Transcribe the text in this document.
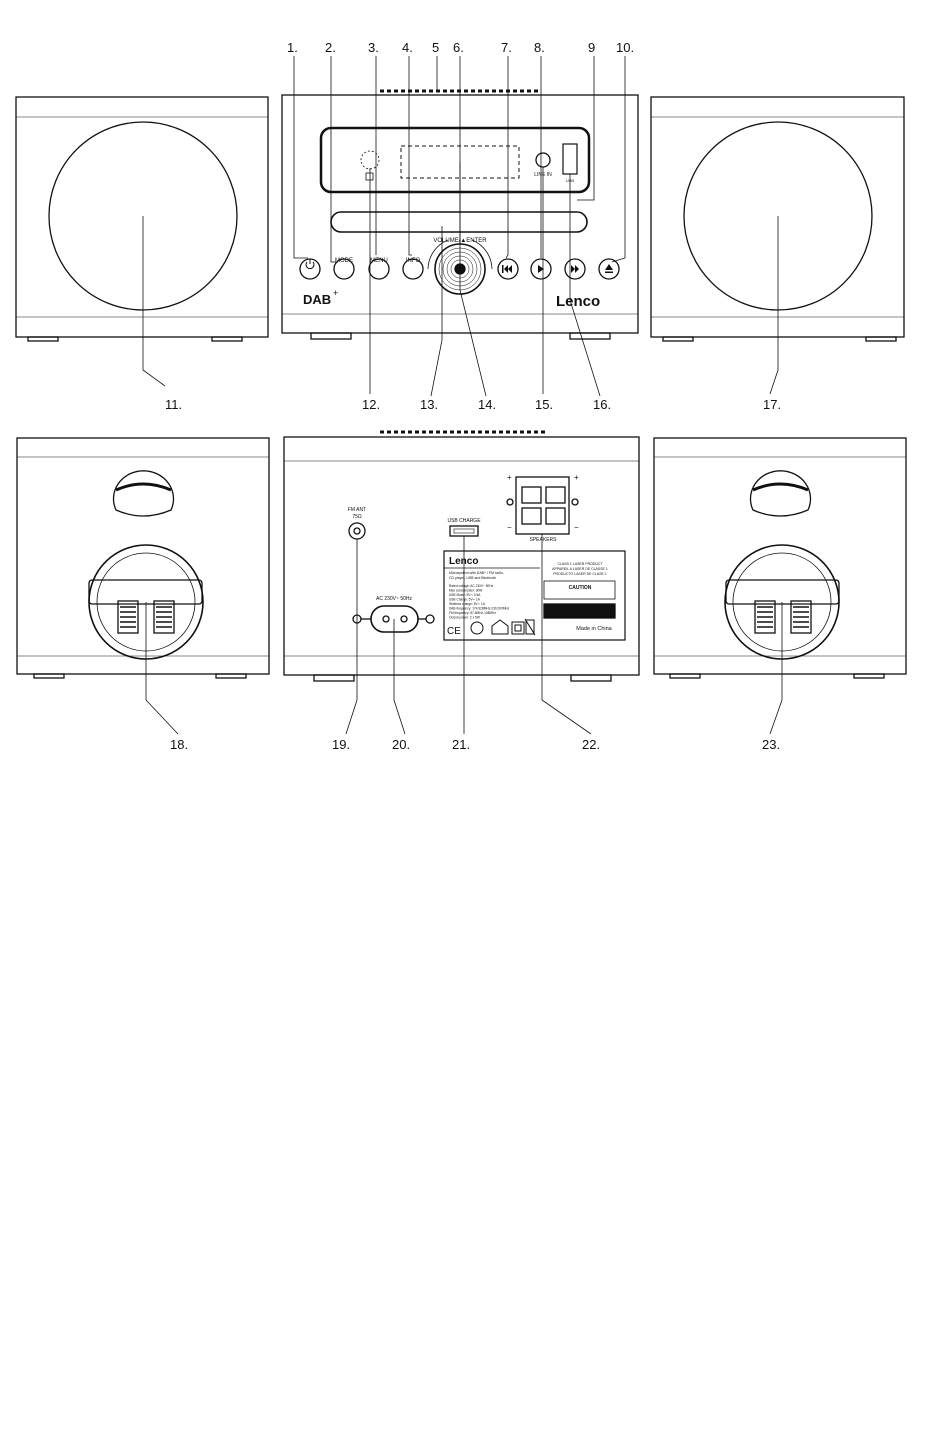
1. 2. 3. 4. 5 6.	7. 8.	9 10.
11.	12.	13.	14.	15.	16.	17.
18.	19.	20.	21.	22.	23.
MODE	MENU	INFO
VOLUME/▲ENTER
LINE IN
USB
DAB +	Lenco
FM ANT
75Ω
AC 230V~ 50Hz
USB CHARGE
SPEAKERS
+	+
−	−
Lenco
Microsystem with DAB+ / FM radio,
CD player, USB and Bluetooth
Rated voltage: AC 230V~ 50Hz
Max consumption: 30W
USB Music: 5V⎓ 0.5A
USB Charge: 5V⎓ 1A
Wireless charge: 5V⎓ 1A
DAB frequency: 174.928MHz-239.200MHz
FM frequency: 87.5MHz-108MHz
Output power: 2 x 5W
CLASS 1 LASER PRODUCT
APPAREIL A LASER DE CLASSE 1
PRODUCTO LASER DE CLASE 1
CAUTION
Made in China
CE
